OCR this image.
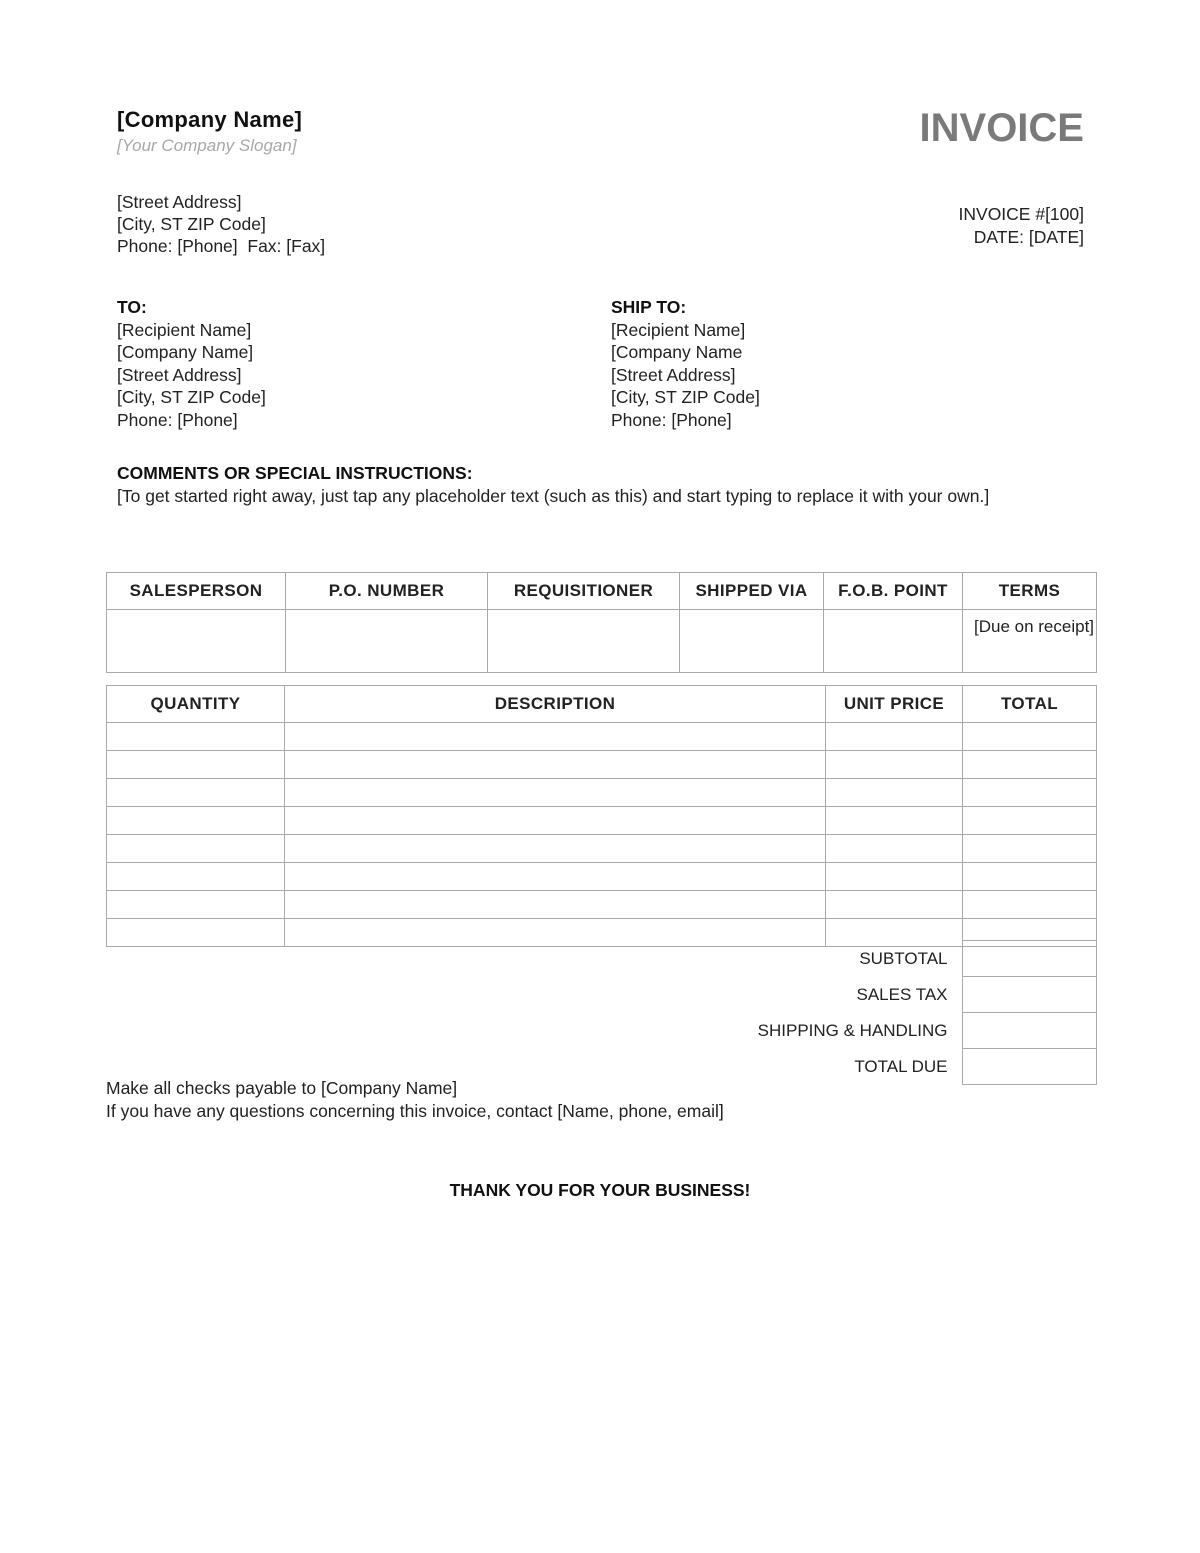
[Company Name]
[Your Company Slogan]	INVOICE
[Street Address]
[City, ST ZIP Code]
Phone: [Phone]  Fax: [Fax]
INVOICE #[100]
DATE: [DATE]
TO:
[Recipient Name]
[Company Name]
[Street Address]
[City, ST ZIP Code]
Phone: [Phone]
SHIP TO:
[Recipient Name]
[Company Name
[Street Address]
[City, ST ZIP Code]
Phone: [Phone]
COMMENTS OR SPECIAL INSTRUCTIONS:
[To get started right away, just tap any placeholder text (such as this) and start typing to replace it with your own.]
SALESPERSON	P.O. NUMBER	REQUISITIONER	SHIPPED VIA	F.O.B. POINT	TERMS
					[Due on receipt]
QUANTITY	DESCRIPTION	UNIT PRICE	TOTAL

	SUBTOTAL	
	SALES TAX	
	SHIPPING & HANDLING	
	TOTAL DUE	
Make all checks payable to [Company Name]
If you have any questions concerning this invoice, contact [Name, phone, email]
THANK YOU FOR YOUR BUSINESS!
